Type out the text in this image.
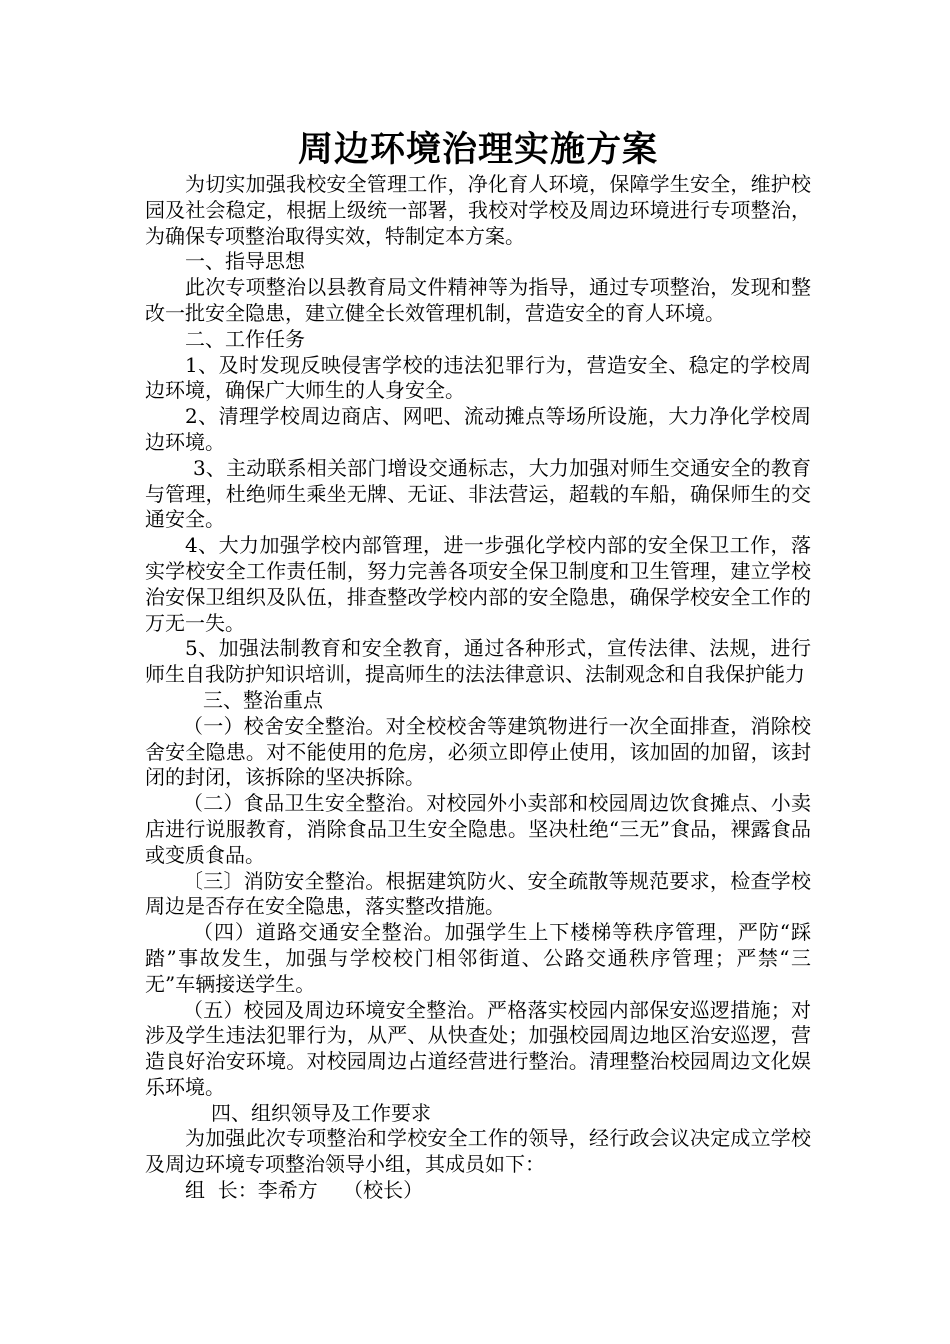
周边环境治理实施方案

为切实加强我校安全管理工作，净化育人环境，保障学生安全，维护校园及社会稳定，根据上级统一部署，我校对学校及周边环境进行专项整治，为确保专项整治取得实效，特制定本方案。

一、指导思想

此次专项整治以县教育局文件精神等为指导，通过专项整治，发现和整改一批安全隐患，建立健全长效管理机制，营造安全的育人环境。

二、工作任务

1、及时发现反映侵害学校的违法犯罪行为，营造安全、稳定的学校周边环境，确保广大师生的人身安全。

2、清理学校周边商店、网吧、流动摊点等场所设施，大力净化学校周边环境。

3、主动联系相关部门增设交通标志，大力加强对师生交通安全的教育与管理，杜绝师生乘坐无牌、无证、非法营运，超载的车船，确保师生的交通安全。

4、大力加强学校内部管理，进一步强化学校内部的安全保卫工作，落实学校安全工作责任制，努力完善各项安全保卫制度和卫生管理，建立学校治安保卫组织及队伍，排查整改学校内部的安全隐患，确保学校安全工作的万无一失。

5、加强法制教育和安全教育，通过各种形式，宣传法律、法规，进行师生自我防护知识培训，提高师生的法法律意识、法制观念和自我保护能力

三、整治重点

（一）校舍安全整治。对全校校舍等建筑物进行一次全面排查，消除校舍安全隐患。对不能使用的危房，必须立即停止使用，该加固的加留，该封闭的封闭，该拆除的坚决拆除。

（二）食品卫生安全整治。对校园外小卖部和校园周边饮食摊点、小卖店进行说服教育，消除食品卫生安全隐患。坚决杜绝“三无”食品，裸露食品或变质食品。

〔三〕消防安全整治。根据建筑防火、安全疏散等规范要求，检查学校周边是否存在安全隐患，落实整改措施。

（四）道路交通安全整治。加强学生上下楼梯等秩序管理，严防“踩踏”事故发生，加强与学校校门相邻街道、公路交通秩序管理；严禁“三无”车辆接送学生。

（五）校园及周边环境安全整治。严格落实校园内部保安巡逻措施；对涉及学生违法犯罪行为，从严、从快查处；加强校园周边地区治安巡逻，营造良好治安环境。对校园周边占道经营进行整治。清理整治校园周边文化娱乐环境。

四、组织领导及工作要求

为加强此次专项整治和学校安全工作的领导，经行政会议决定成立学校及周边环境专项整治领导小组，其成员如下：

组  长：李希方    （校长）
